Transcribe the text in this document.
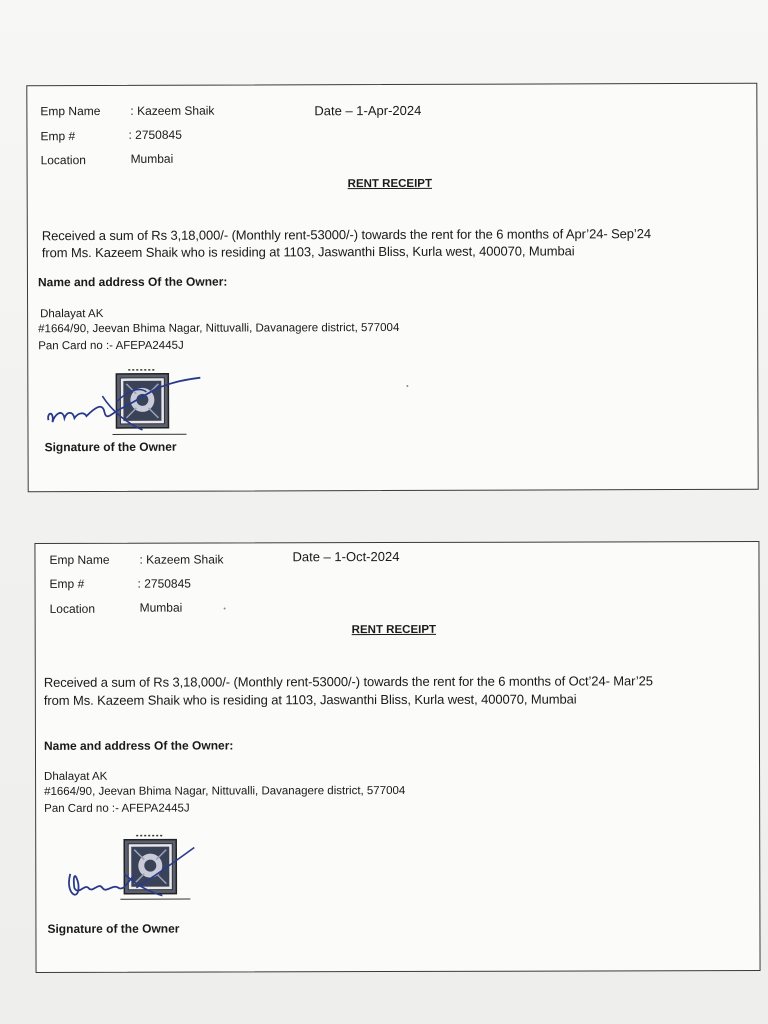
Emp Name : Kazeem Shaik	Date – 1-Apr-2024
Emp #	: 2750845
Location	Mumbai
RENT RECEIPT
Received a sum of Rs 3,18,000/- (Monthly rent-53000/-) towards the rent for the 6 months of Apr’24- Sep’24
from Ms. Kazeem Shaik who is residing at 1103, Jaswanthi Bliss, Kurla west, 400070, Mumbai
Name and address Of the Owner:
Dhalayat AK
#1664/90, Jeevan Bhima Nagar, Nittuvalli, Davanagere district, 577004
Pan Card no :- AFEPA2445J
Signature of the Owner
Emp Name : Kazeem Shaik	Date – 1-Oct-2024
Emp #	: 2750845
Location	Mumbai
RENT RECEIPT
Received a sum of Rs 3,18,000/- (Monthly rent-53000/-) towards the rent for the 6 months of Oct’24- Mar’25
from Ms. Kazeem Shaik who is residing at 1103, Jaswanthi Bliss, Kurla west, 400070, Mumbai
Name and address Of the Owner:
Dhalayat AK
#1664/90, Jeevan Bhima Nagar, Nittuvalli, Davanagere district, 577004
Pan Card no :- AFEPA2445J
Signature of the Owner
